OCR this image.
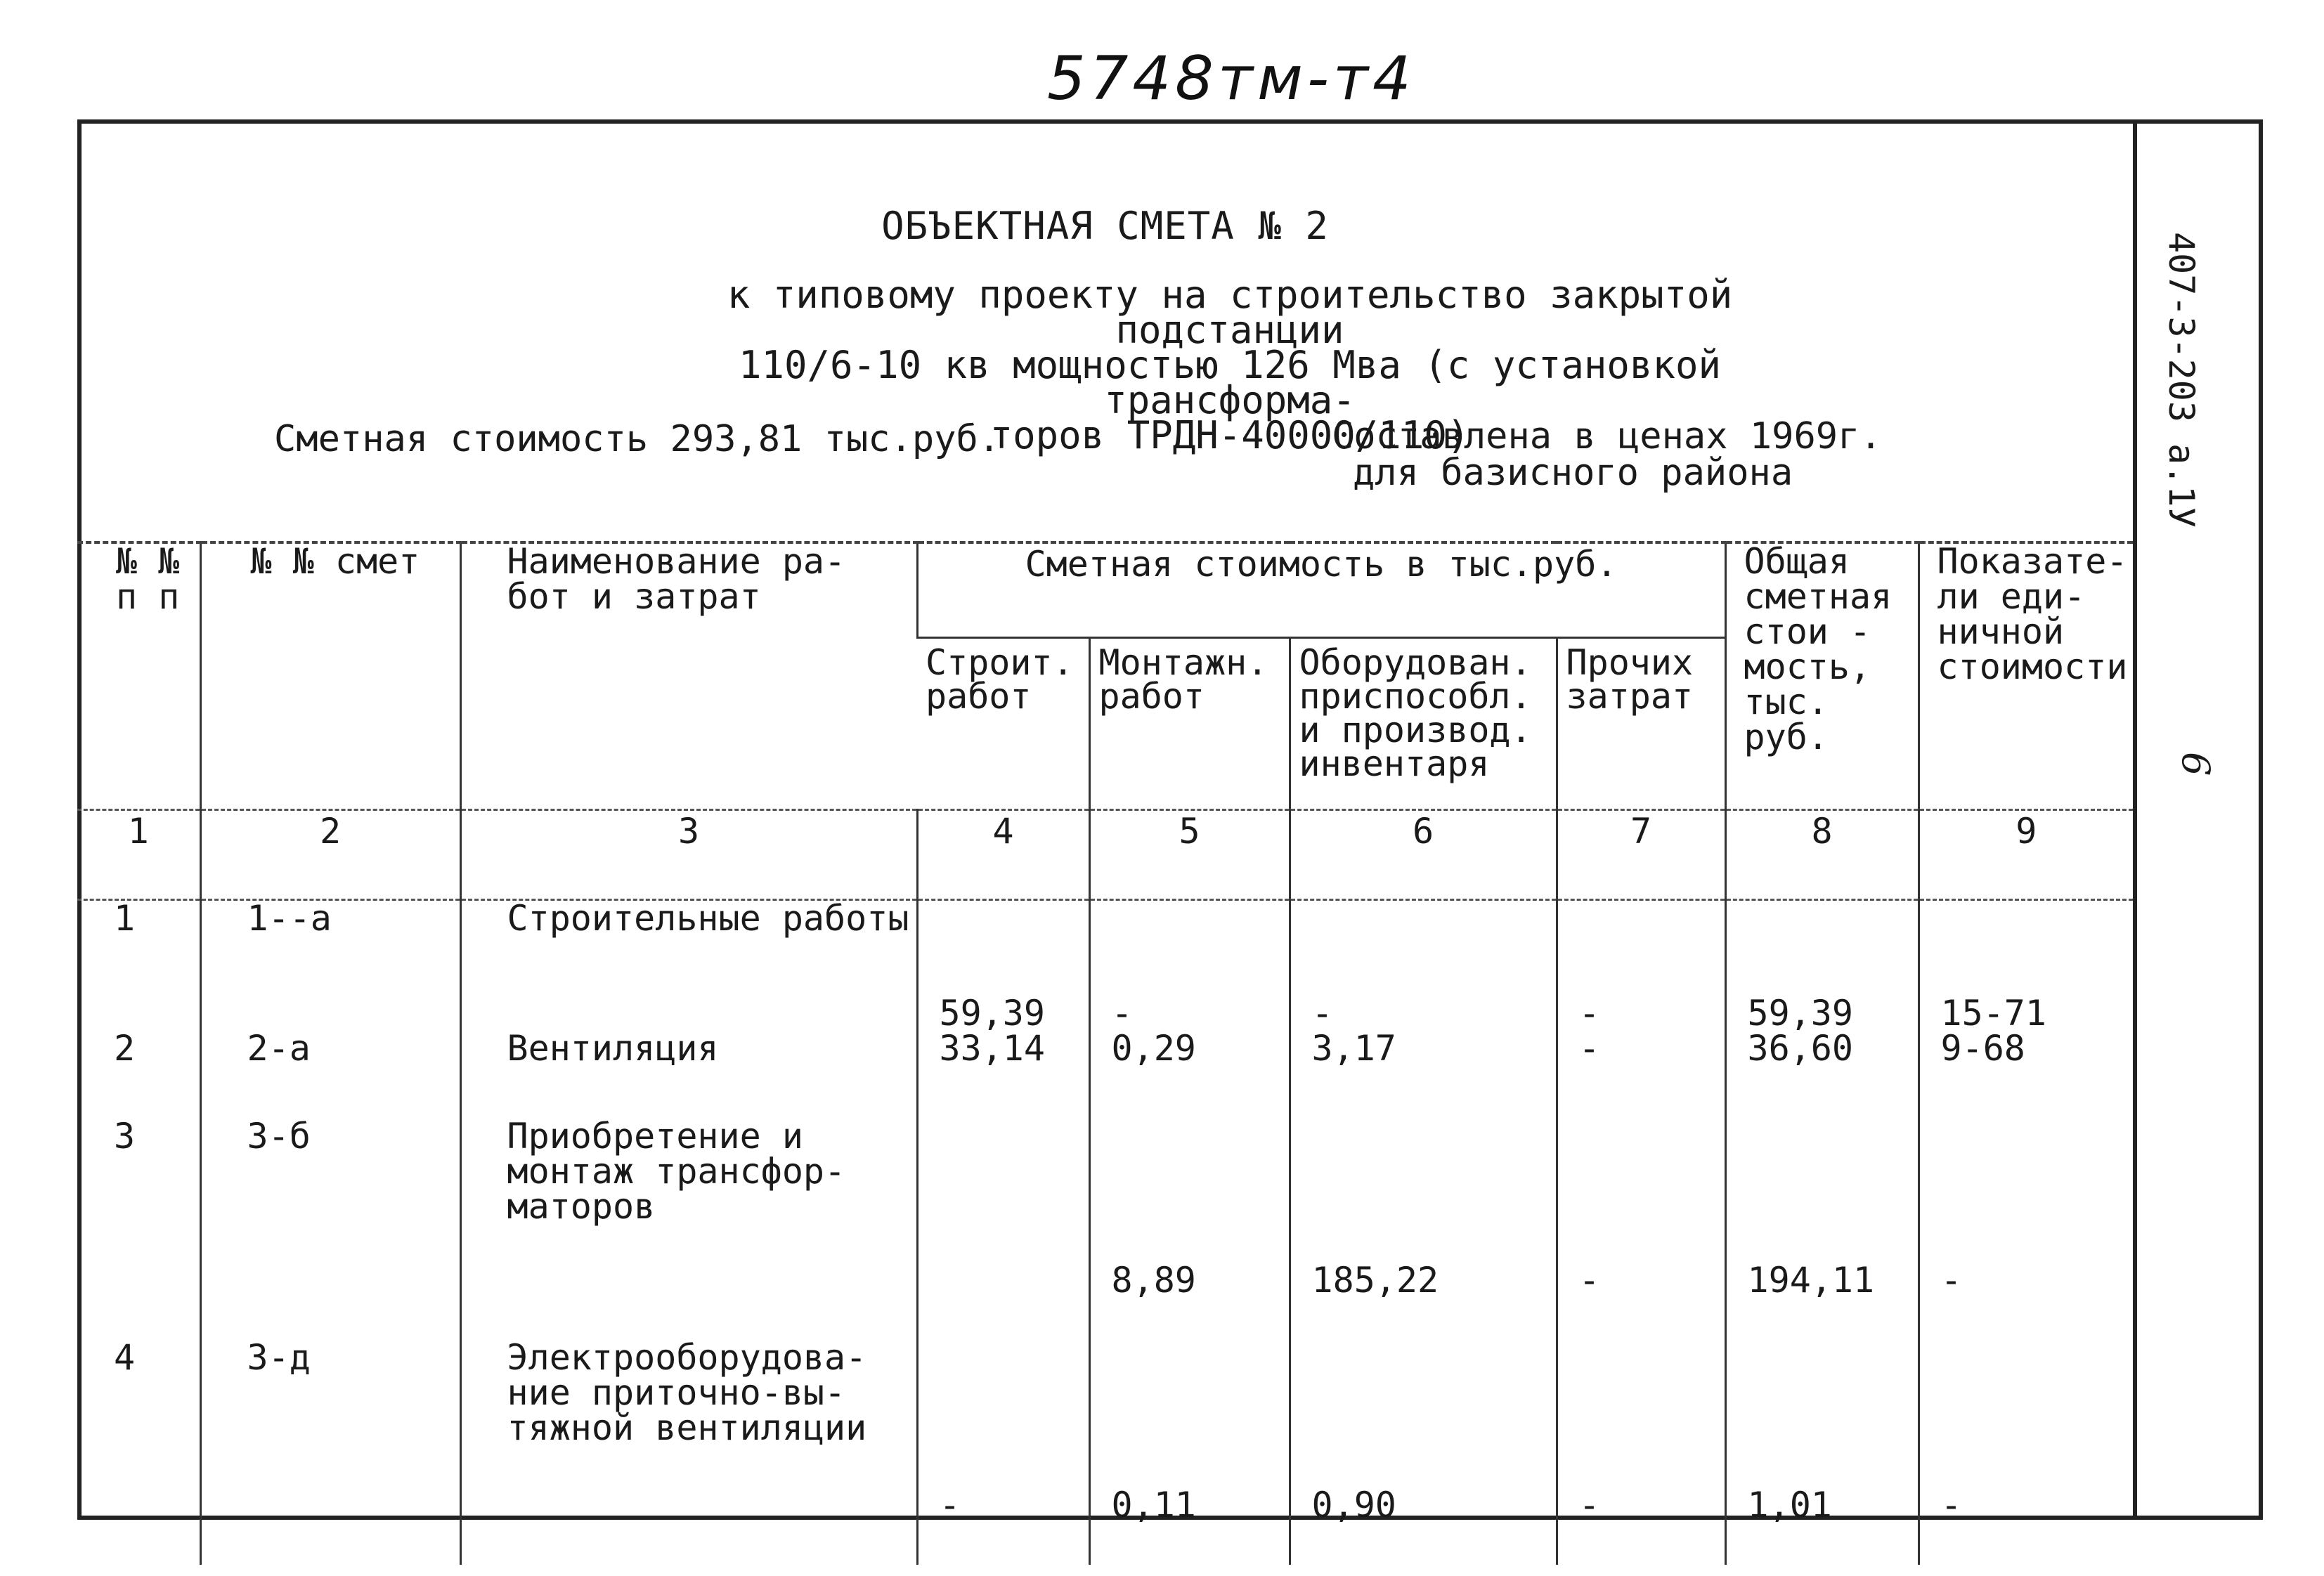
5748тм-т4
407-3-203 а.1У
9
ОБЪЕКТНАЯ СМЕТА № 2
к типовому проекту на строительство закрытой подстанции
110/6-10 кв мощностью 126 Мва (с установкой трансформа-
торов ТРДН-40000/110)
Сметная стоимость 293,81 тыс.руб.	Составлена в ценах 1969г.
для базисного района
№ № п п	№ № смет	Наименование ра- бот и затрат	Сметная стоимость в тыс.руб.				Общая сметная стои - мость, тыс. руб.	Показате- ли еди- ничной стоимости
			Строит. работ	Монтажн. работ	Оборудован. приспособл. и производ. инвентаря	Прочих затрат		
1	2	3	4	5	6	7	8	9
1	1--а	Строительные работы	59,39	-	-	-	59,39	15-71
2	2-а	Вентиляция	33,14	0,29	3,17	-	36,60	9-68
3	3-б	Приобретение и монтаж трансфор- маторов		8,89	185,22	-	194,11	-
4	3-д	Электрооборудова- ние приточно-вы- тяжной вентиляции	-	0,11	0,90	-	1,01	-
